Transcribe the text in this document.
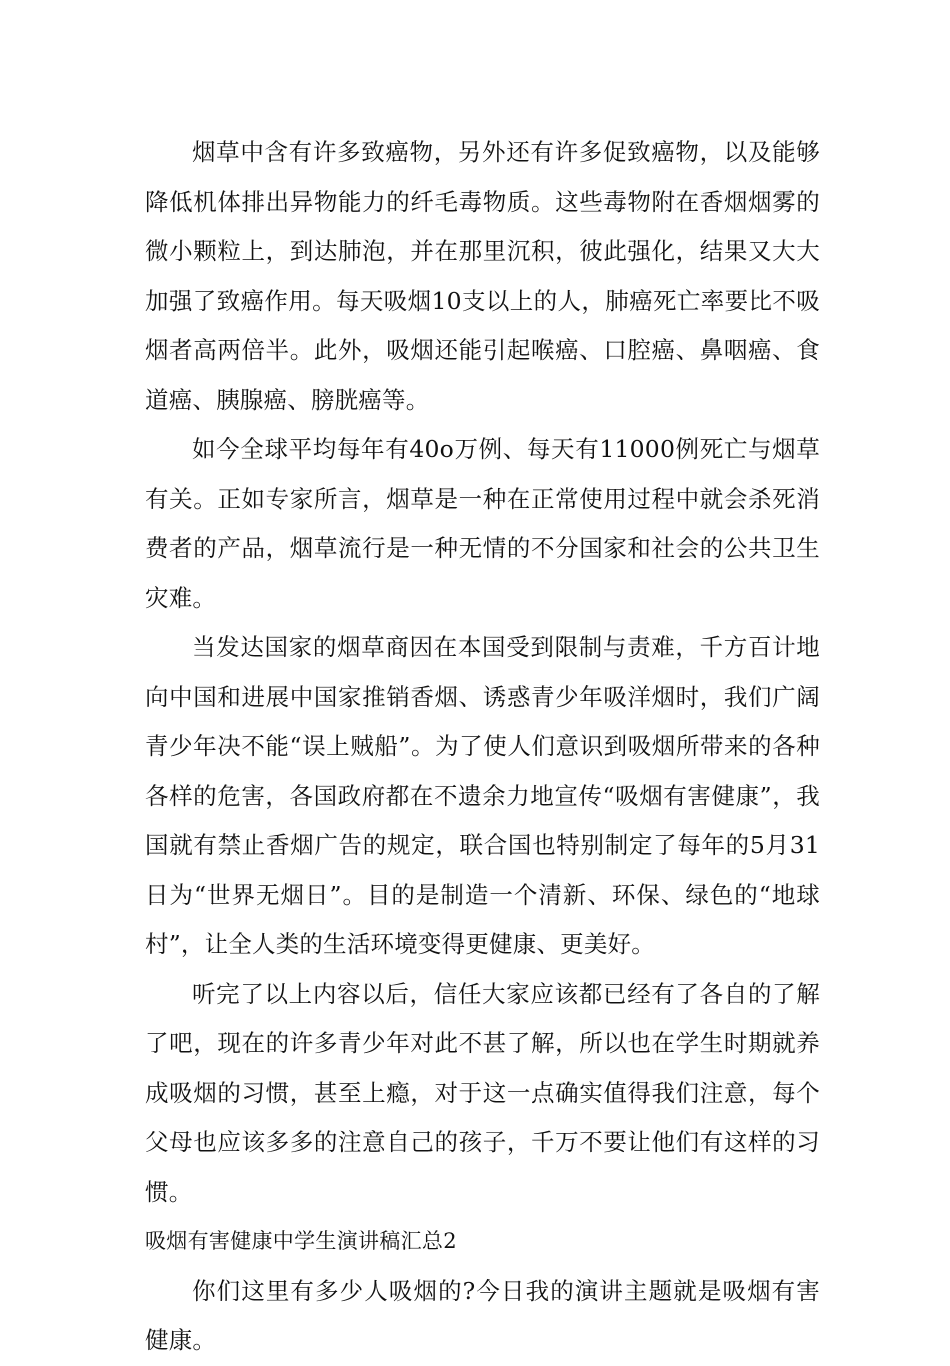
烟草中含有许多致癌物，另外还有许多促致癌物，以及能够降低机体排出异物能力的纤毛毒物质。这些毒物附在香烟烟雾的微小颗粒上，到达肺泡，并在那里沉积，彼此强化，结果又大大加强了致癌作用。每天吸烟10支以上的人，肺癌死亡率要比不吸烟者高两倍半。此外，吸烟还能引起喉癌、口腔癌、鼻咽癌、食道癌、胰腺癌、膀胱癌等。

如今全球平均每年有40o万例、每天有11000例死亡与烟草有关。正如专家所言，烟草是一种在正常使用过程中就会杀死消费者的产品，烟草流行是一种无情的不分国家和社会的公共卫生灾难。

当发达国家的烟草商因在本国受到限制与责难，千方百计地向中国和进展中国家推销香烟、诱惑青少年吸洋烟时，我们广阔青少年决不能“误上贼船”。为了使人们意识到吸烟所带来的各种各样的危害，各国政府都在不遗余力地宣传“吸烟有害健康”，我国就有禁止香烟广告的规定，联合国也特别制定了每年的5月31日为“世界无烟日”。目的是制造一个清新、环保、绿色的“地球村”，让全人类的生活环境变得更健康、更美好。

听完了以上内容以后，信任大家应该都已经有了各自的了解了吧，现在的许多青少年对此不甚了解，所以也在学生时期就养成吸烟的习惯，甚至上瘾，对于这一点确实值得我们注意，每个父母也应该多多的注意自己的孩子，千万不要让他们有这样的习惯。

吸烟有害健康中学生演讲稿汇总2

你们这里有多少人吸烟的?今日我的演讲主题就是吸烟有害健康。
